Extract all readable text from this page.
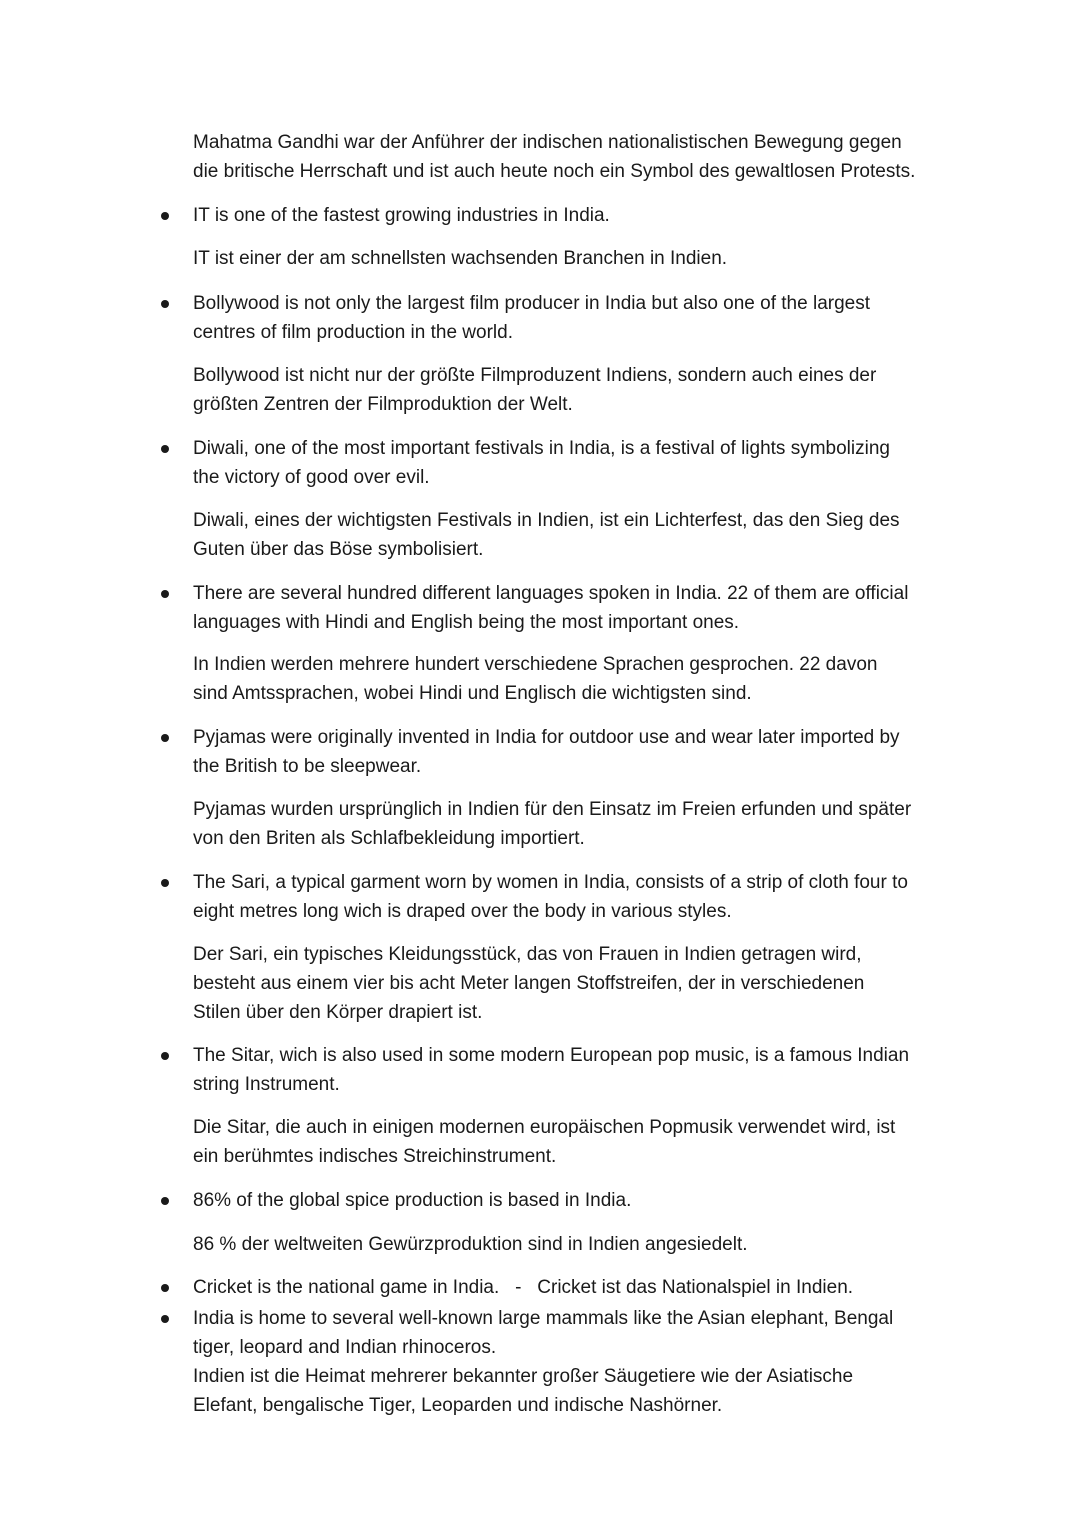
Mahatma Gandhi war der Anführer der indischen nationalistischen Bewegung gegen
die britische Herrschaft und ist auch heute noch ein Symbol des gewaltlosen Protests.
IT is one of the fastest growing industries in India.
IT ist einer der am schnellsten wachsenden Branchen in Indien.
Bollywood is not only the largest film producer in India but also one of the largest
centres of film production in the world.
Bollywood ist nicht nur der größte Filmproduzent Indiens, sondern auch eines der
größten Zentren der Filmproduktion der Welt.
Diwali, one of the most important festivals in India, is a festival of lights symbolizing
the victory of good over evil.
Diwali, eines der wichtigsten Festivals in Indien, ist ein Lichterfest, das den Sieg des
Guten über das Böse symbolisiert.
There are several hundred different languages spoken in India. 22 of them are official
languages with Hindi and English being the most important ones.
In Indien werden mehrere hundert verschiedene Sprachen gesprochen. 22 davon
sind Amtssprachen, wobei Hindi und Englisch die wichtigsten sind.
Pyjamas were originally invented in India for outdoor use and wear later imported by
the British to be sleepwear.
Pyjamas wurden ursprünglich in Indien für den Einsatz im Freien erfunden und später
von den Briten als Schlafbekleidung importiert.
The Sari, a typical garment worn by women in India, consists of a strip of cloth four to
eight metres long wich is draped over the body in various styles.
Der Sari, ein typisches Kleidungsstück, das von Frauen in Indien getragen wird,
besteht aus einem vier bis acht Meter langen Stoffstreifen, der in verschiedenen
Stilen über den Körper drapiert ist.
The Sitar, wich is also used in some modern European pop music, is a famous Indian
string Instrument.
Die Sitar, die auch in einigen modernen europäischen Popmusik verwendet wird, ist
ein berühmtes indisches Streichinstrument.
86% of the global spice production is based in India.
86 % der weltweiten Gewürzproduktion sind in Indien angesiedelt.
Cricket is the national game in India. - Cricket ist das Nationalspiel in Indien.
India is home to several well-known large mammals like the Asian elephant, Bengal
tiger, leopard and Indian rhinoceros.
Indien ist die Heimat mehrerer bekannter großer Säugetiere wie der Asiatische
Elefant, bengalische Tiger, Leoparden und indische Nashörner.
